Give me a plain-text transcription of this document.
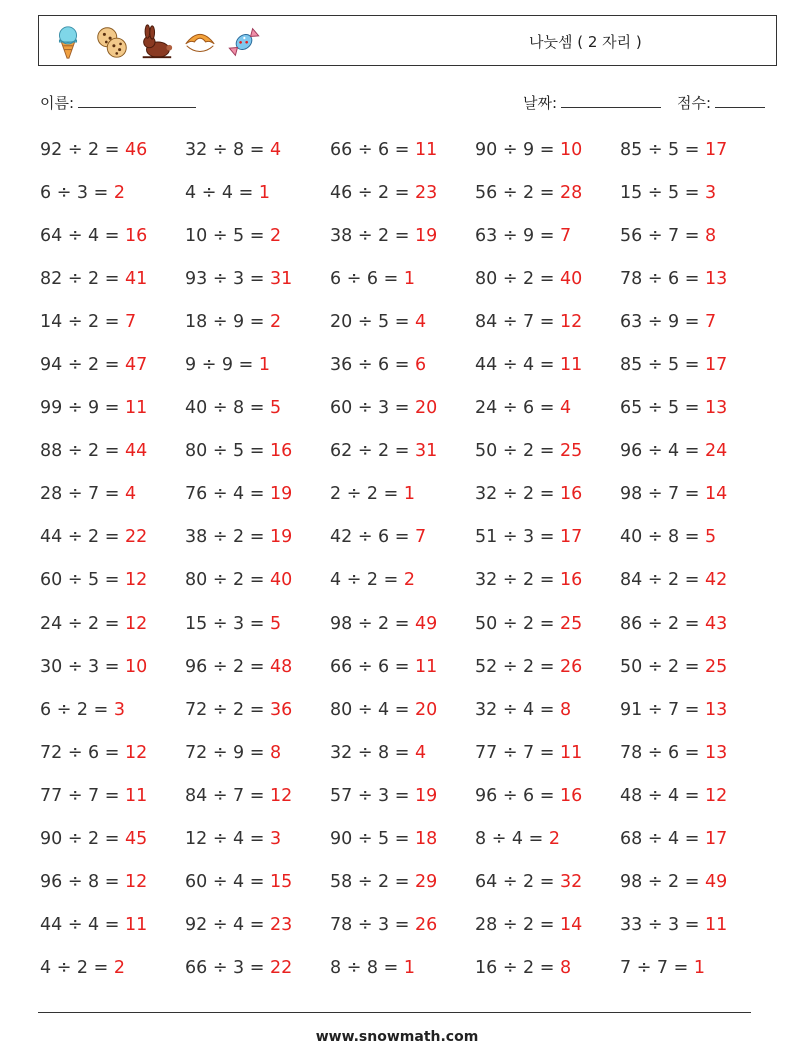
나눗셈 ( 2 자리 )
이름:	날짜:	점수:
92 ÷ 2 = 46 32 ÷ 8 = 4	66 ÷ 6 = 11 90 ÷ 9 = 10 85 ÷ 5 = 17
6 ÷ 3 = 2	4 ÷ 4 = 1	46 ÷ 2 = 23 56 ÷ 2 = 28 15 ÷ 5 = 3
64 ÷ 4 = 16 10 ÷ 5 = 2	38 ÷ 2 = 19 63 ÷ 9 = 7	56 ÷ 7 = 8
82 ÷ 2 = 41 93 ÷ 3 = 31 6 ÷ 6 = 1	80 ÷ 2 = 40 78 ÷ 6 = 13
14 ÷ 2 = 7	18 ÷ 9 = 2	20 ÷ 5 = 4	84 ÷ 7 = 12 63 ÷ 9 = 7
94 ÷ 2 = 47 9 ÷ 9 = 1	36 ÷ 6 = 6	44 ÷ 4 = 11 85 ÷ 5 = 17
99 ÷ 9 = 11 40 ÷ 8 = 5	60 ÷ 3 = 20 24 ÷ 6 = 4	65 ÷ 5 = 13
88 ÷ 2 = 44 80 ÷ 5 = 16 62 ÷ 2 = 31 50 ÷ 2 = 25 96 ÷ 4 = 24
28 ÷ 7 = 4	76 ÷ 4 = 19 2 ÷ 2 = 1	32 ÷ 2 = 16 98 ÷ 7 = 14
44 ÷ 2 = 22 38 ÷ 2 = 19 42 ÷ 6 = 7	51 ÷ 3 = 17 40 ÷ 8 = 5
60 ÷ 5 = 12 80 ÷ 2 = 40 4 ÷ 2 = 2	32 ÷ 2 = 16 84 ÷ 2 = 42
24 ÷ 2 = 12 15 ÷ 3 = 5	98 ÷ 2 = 49 50 ÷ 2 = 25 86 ÷ 2 = 43
30 ÷ 3 = 10 96 ÷ 2 = 48 66 ÷ 6 = 11 52 ÷ 2 = 26 50 ÷ 2 = 25
6 ÷ 2 = 3	72 ÷ 2 = 36 80 ÷ 4 = 20 32 ÷ 4 = 8	91 ÷ 7 = 13
72 ÷ 6 = 12 72 ÷ 9 = 8	32 ÷ 8 = 4	77 ÷ 7 = 11 78 ÷ 6 = 13
77 ÷ 7 = 11 84 ÷ 7 = 12 57 ÷ 3 = 19 96 ÷ 6 = 16 48 ÷ 4 = 12
90 ÷ 2 = 45 12 ÷ 4 = 3	90 ÷ 5 = 18 8 ÷ 4 = 2	68 ÷ 4 = 17
96 ÷ 8 = 12 60 ÷ 4 = 15 58 ÷ 2 = 29 64 ÷ 2 = 32 98 ÷ 2 = 49
44 ÷ 4 = 11 92 ÷ 4 = 23 78 ÷ 3 = 26 28 ÷ 2 = 14 33 ÷ 3 = 11
4 ÷ 2 = 2	66 ÷ 3 = 22 8 ÷ 8 = 1	16 ÷ 2 = 8	7 ÷ 7 = 1
www.snowmath.com
